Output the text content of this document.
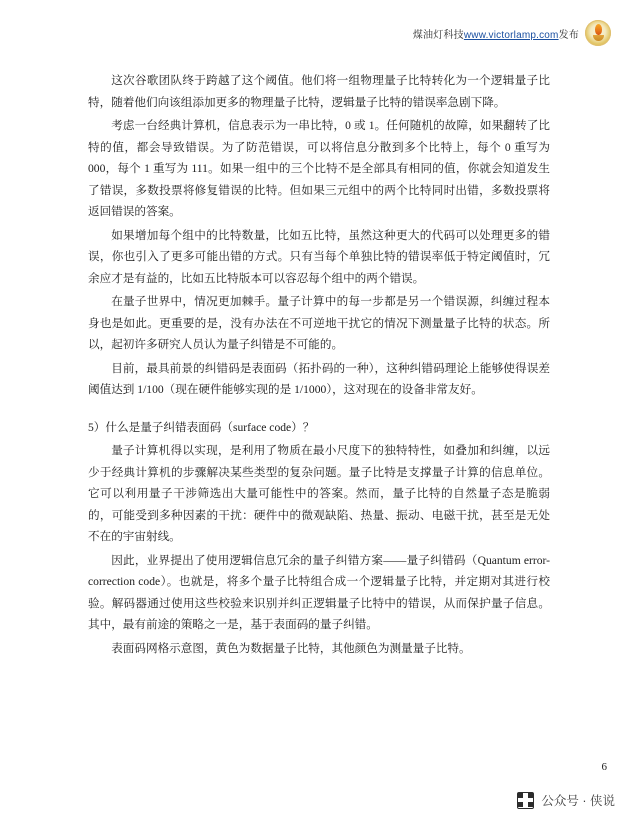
煤油灯科技www.victorlamp.com发布

这次谷歌团队终于跨越了这个阈值。他们将一组物理量子比特转化为一个逻辑量子比特，随着他们向该组添加更多的物理量子比特，逻辑量子比特的错误率急剧下降。

考虑一台经典计算机，信息表示为一串比特，0 或 1。任何随机的故障，如果翻转了比特的值，都会导致错误。为了防范错误，可以将信息分散到多个比特上，每个 0 重写为 000，每个 1 重写为 111。如果一组中的三个比特不是全部具有相同的值，你就会知道发生了错误，多数投票将修复错误的比特。但如果三元组中的两个比特同时出错，多数投票将返回错误的答案。

如果增加每个组中的比特数量，比如五比特，虽然这种更大的代码可以处理更多的错误，你也引入了更多可能出错的方式。只有当每个单独比特的错误率低于特定阈值时，冗余应才是有益的，比如五比特版本可以容忍每个组中的两个错误。

在量子世界中，情况更加棘手。量子计算中的每一步都是另一个错误源，纠缠过程本身也是如此。更重要的是，没有办法在不可逆地干扰它的情况下测量量子比特的状态。所以，起初许多研究人员认为量子纠错是不可能的。

目前，最具前景的纠错码是表面码（拓扑码的一种），这种纠错码理论上能够使得误差阈值达到 1/100（现在硬件能够实现的是 1/1000），这对现在的设备非常友好。

5）什么是量子纠错表面码（surface code）？

量子计算机得以实现，是利用了物质在最小尺度下的独特特性，如叠加和纠缠，以远少于经典计算机的步骤解决某些类型的复杂问题。量子比特是支撑量子计算的信息单位。它可以利用量子干涉筛选出大量可能性中的答案。然而，量子比特的自然量子态是脆弱的，可能受到多种因素的干扰：硬件中的微观缺陷、热量、振动、电磁干扰，甚至是无处不在的宇宙射线。

因此，业界提出了使用逻辑信息冗余的量子纠错方案——量子纠错码（Quantum error-correction code）。也就是，将多个量子比特组合成一个逻辑量子比特，并定期对其进行校验。解码器通过使用这些校验来识别并纠正逻辑量子比特中的错误，从而保护量子信息。其中，最有前途的策略之一是，基于表面码的量子纠错。

表面码网格示意图，黄色为数据量子比特，其他颜色为测量量子比特。

6
公众号 · 侠说
